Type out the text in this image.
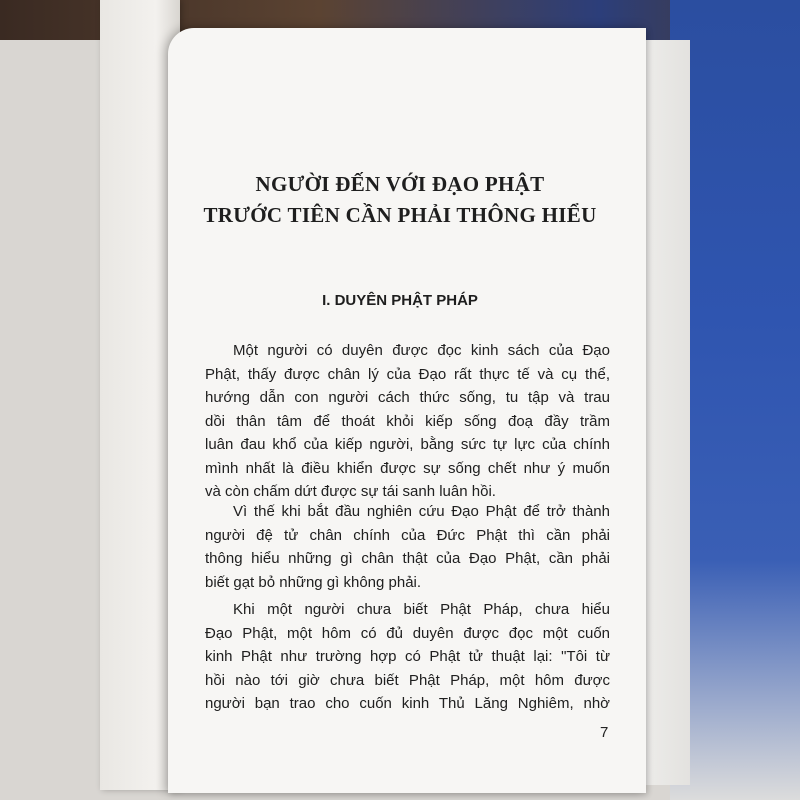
NGƯỜI ĐẾN VỚI ĐẠO PHẬT
TRƯỚC TIÊN CẦN PHẢI THÔNG HIỂU
I. DUYÊN PHẬT PHÁP
Một người có duyên được đọc kinh sách của Đạo
Phật, thấy được chân lý của Đạo rất thực tế và cụ thể,
hướng dẫn con người cách thức sống, tu tập và trau
dồi thân tâm để thoát khỏi kiếp sống đoạ đầy trầm
luân đau khổ của kiếp người, bằng sức tự lực của chính
mình nhất là điều khiển được sự sống chết như ý muốn
và còn chấm dứt được sự tái sanh luân hồi.
Vì thế khi bắt đầu nghiên cứu Đạo Phật để trở thành
người đệ tử chân chính của Đức Phật thì cần phải
thông hiểu những gì chân thật của Đạo Phật, cần phải
biết gạt bỏ những gì không phải.
Khi một người chưa biết Phật Pháp, chưa hiểu
Đạo Phật, một hôm có đủ duyên được đọc một cuốn
kinh Phật như trường hợp có Phật tử thuật lại: "Tôi từ
hồi nào tới giờ chưa biết Phật Pháp, một hôm được
người bạn trao cho cuốn kinh Thủ Lăng Nghiêm, nhờ
7
